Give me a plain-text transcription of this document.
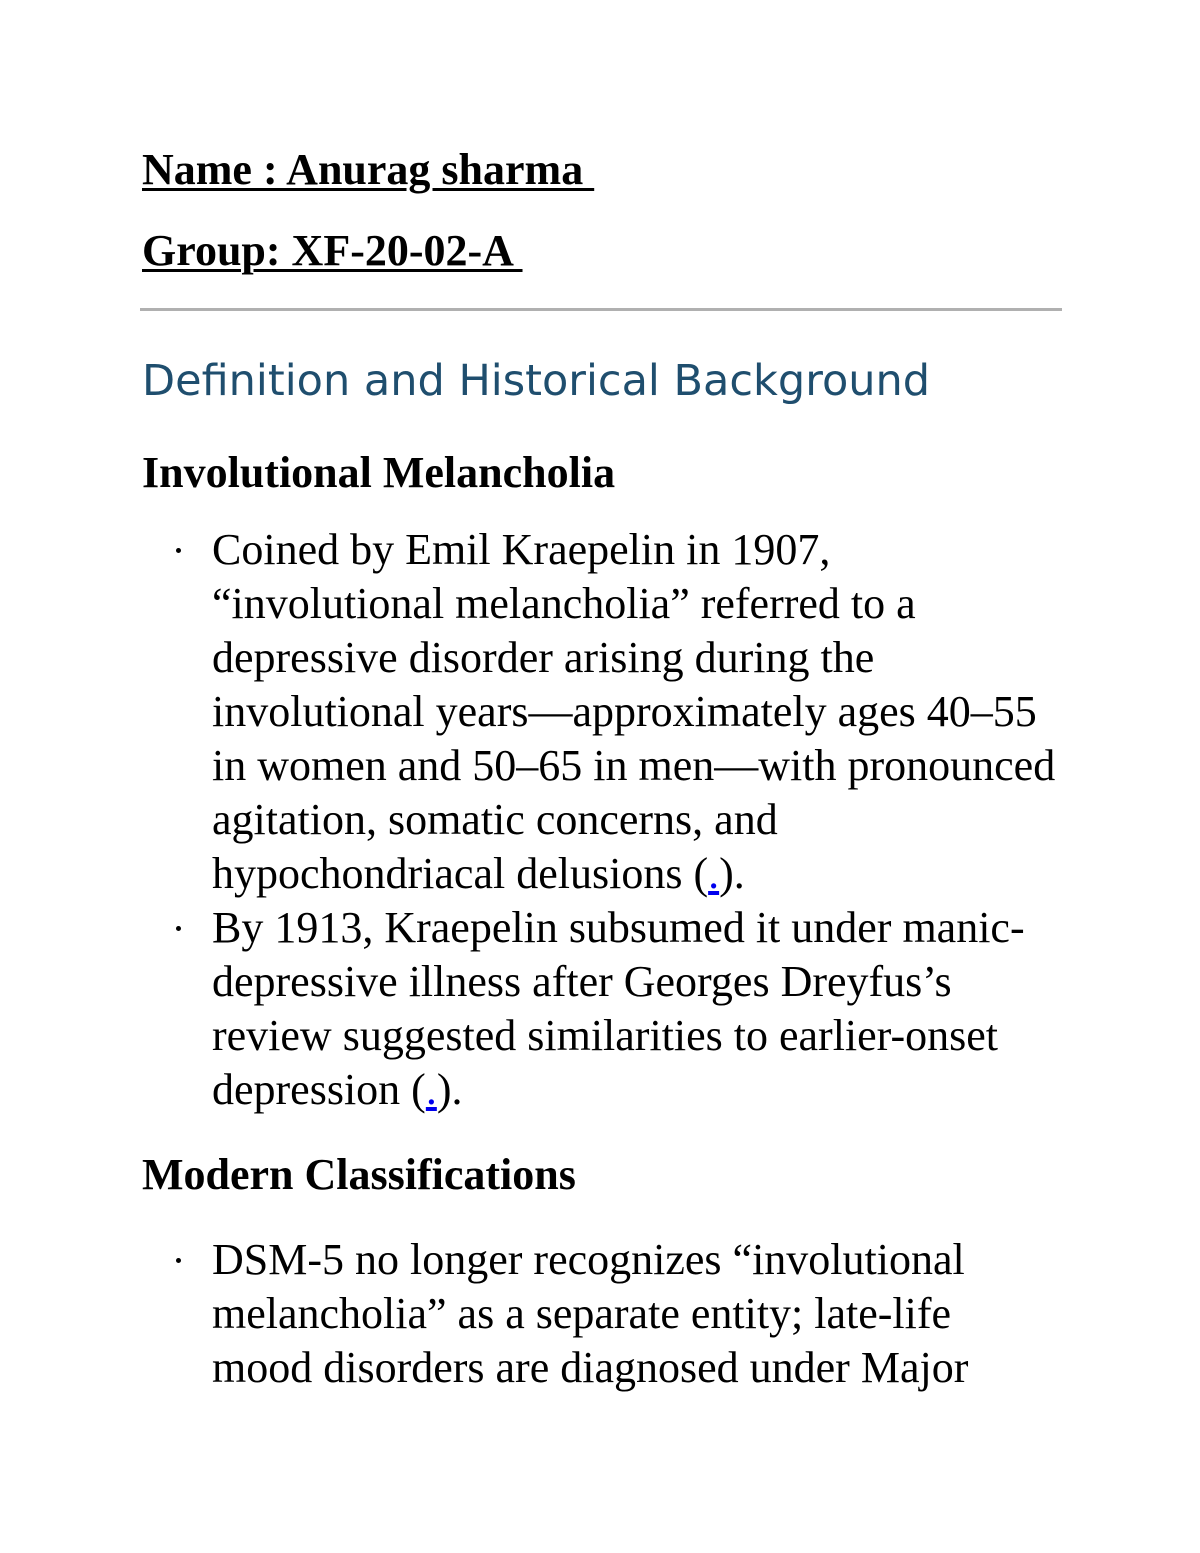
Name : Anurag sharma

Group: XF-20-02-A

Definition and Historical Background
Involutional Melancholia
Coined by Emil Kraepelin in 1907, “involutional melancholia” referred to a depressive disorder arising during the involutional years—approximately ages 40–55 in women and 50–65 in men—with pronounced agitation, somatic concerns, and hypochondriacal delusions (.).
By 1913, Kraepelin subsumed it under manic-depressive illness after Georges Dreyfus’s review suggested similarities to earlier-onset depression (.).
Modern Classifications
DSM-5 no longer recognizes “involutional melancholia” as a separate entity; late-life mood disorders are diagnosed under Major
